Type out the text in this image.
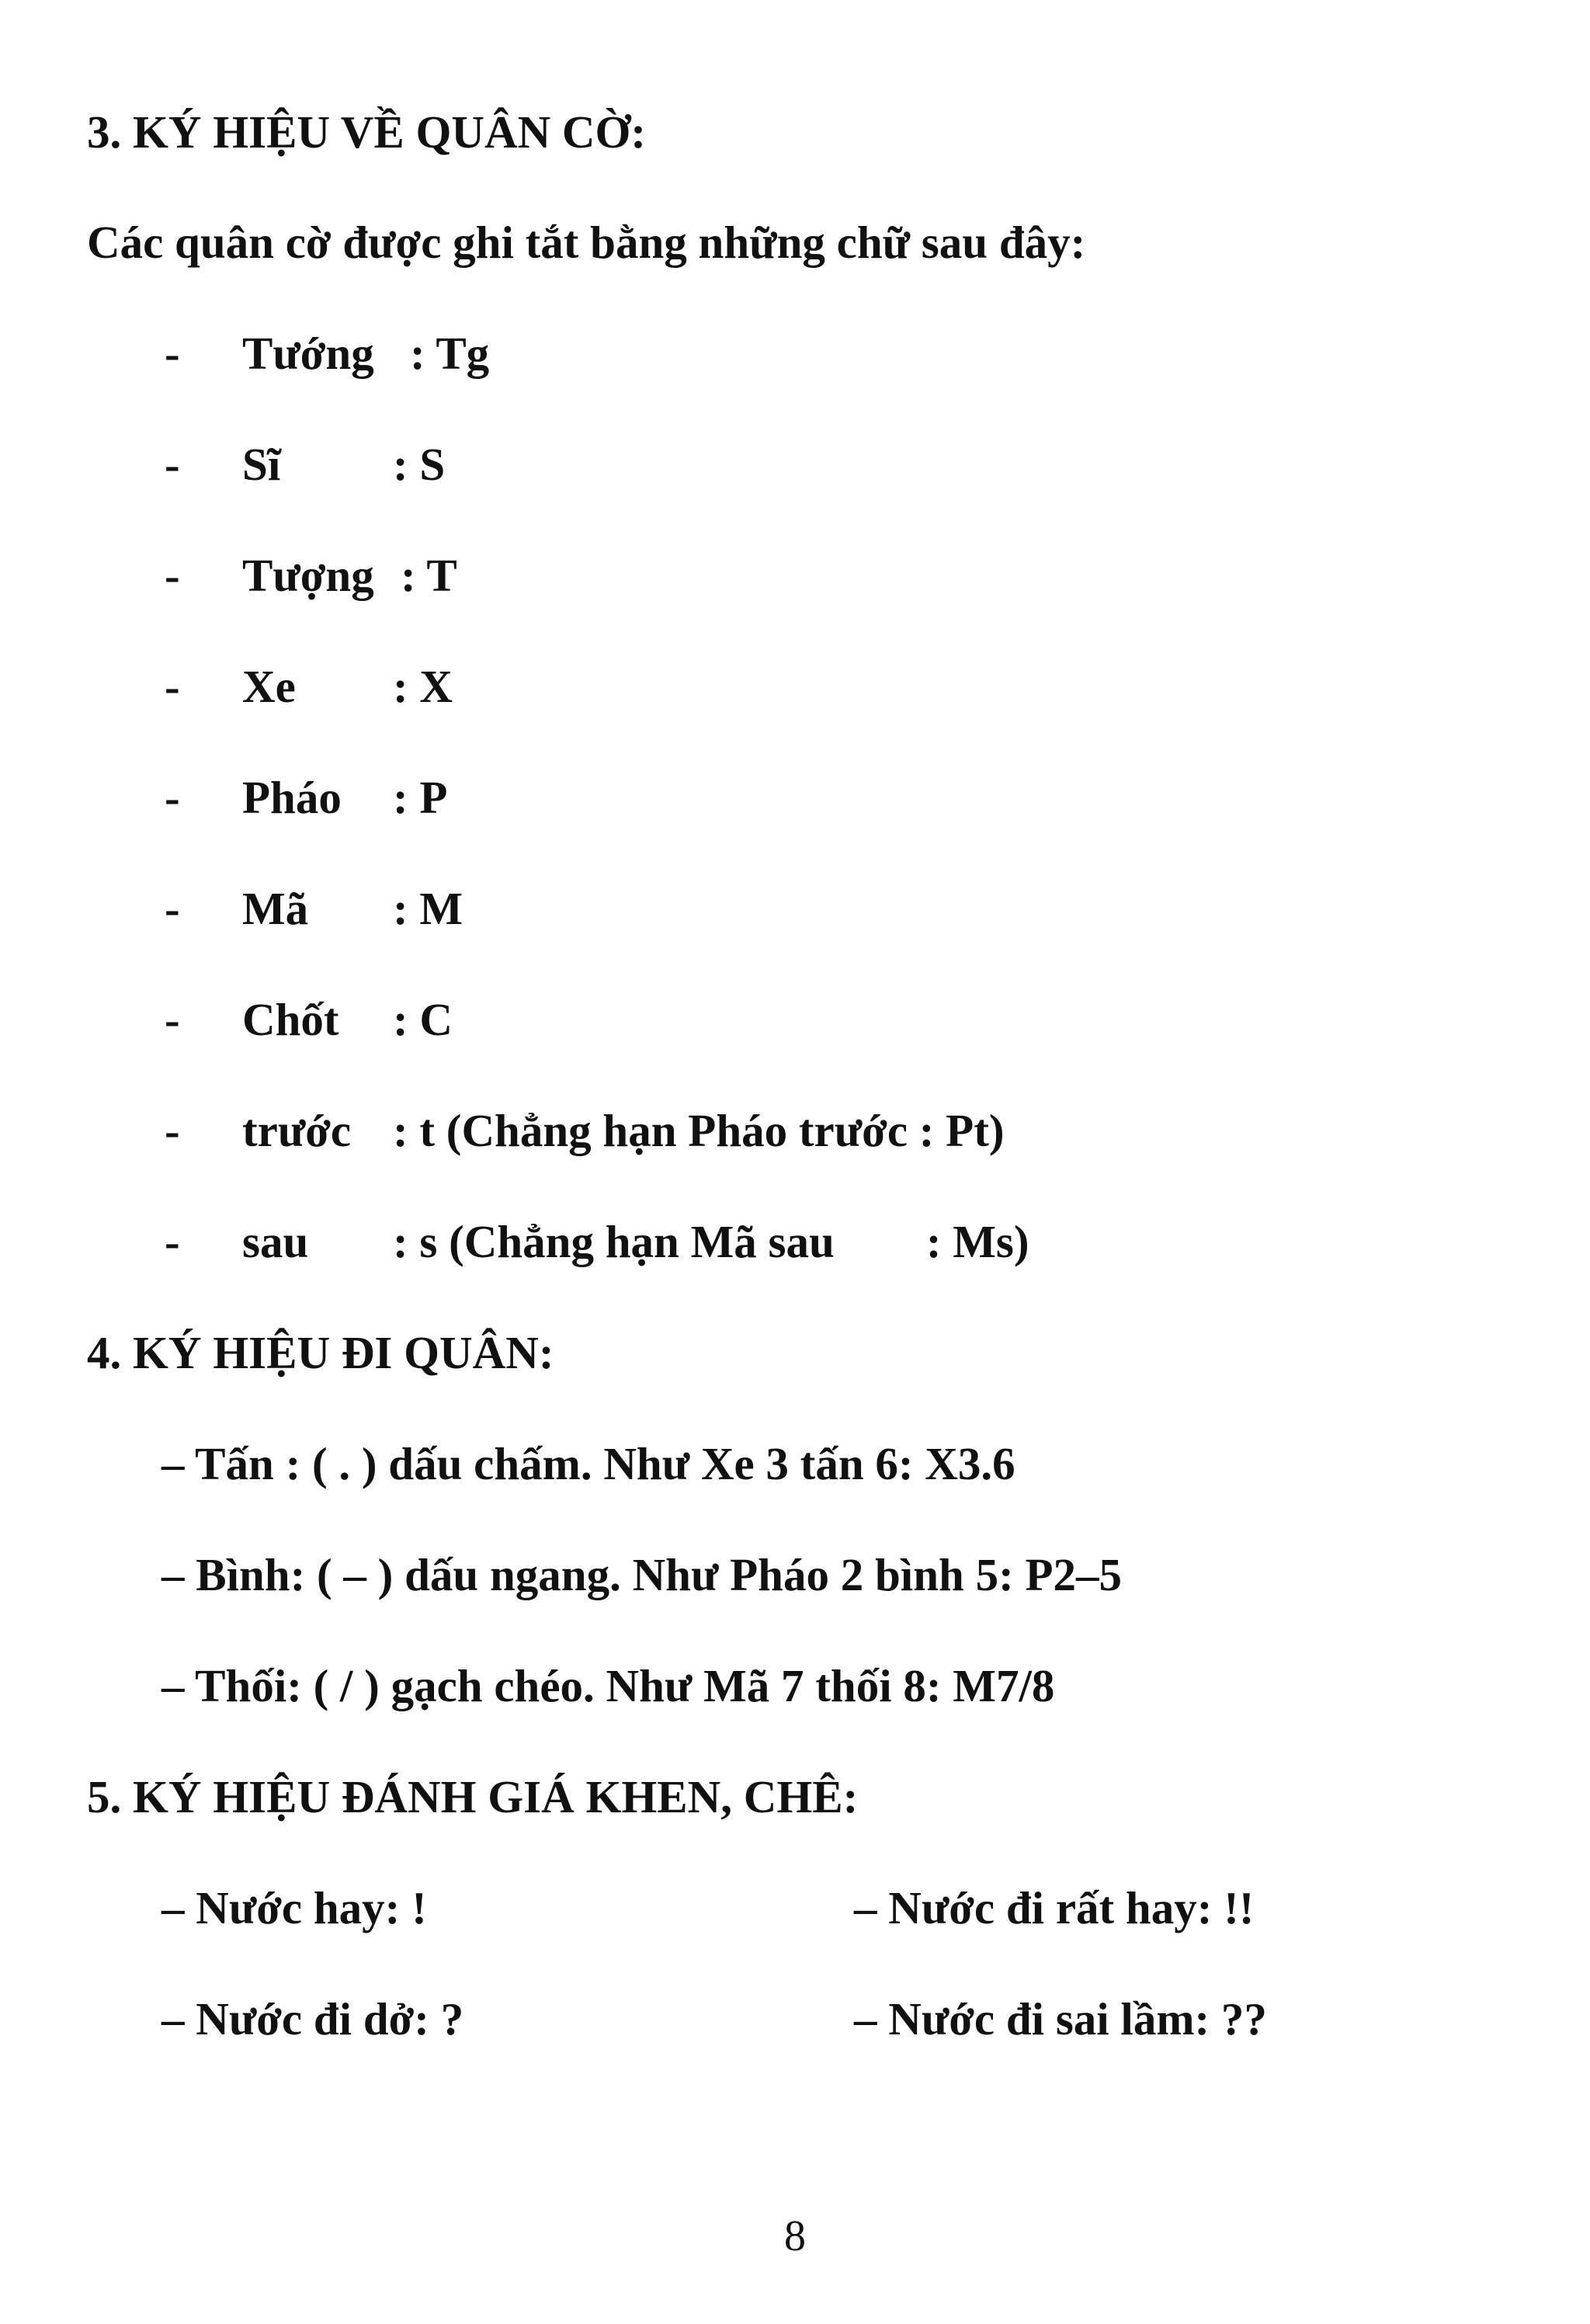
3. KÝ HIỆU VỀ QUÂN CỜ:
Các quân cờ được ghi tắt bằng những chữ sau đây:
- Tướng : Tg
- Sĩ : S
- Tượng : T
- Xe : X
- Pháo : P
- Mã : M
- Chốt : C
- trước : t (Chẳng hạn Pháo trước : Pt)
- sau : s (Chẳng hạn Mã sau        : Ms)
4. KÝ HIỆU ĐI QUÂN:
– Tấn : ( . ) dấu chấm. Như Xe 3 tấn 6: X3.6
– Bình: ( – ) dấu ngang. Như Pháo 2 bình 5: P2–5
– Thối: ( / ) gạch chéo. Như Mã 7 thối 8: M7/8
5. KÝ HIỆU ĐÁNH GIÁ KHEN, CHÊ:
– Nước hay: !	– Nước đi rất hay: !!
– Nước đi dở: ?	– Nước đi sai lầm: ??
8
